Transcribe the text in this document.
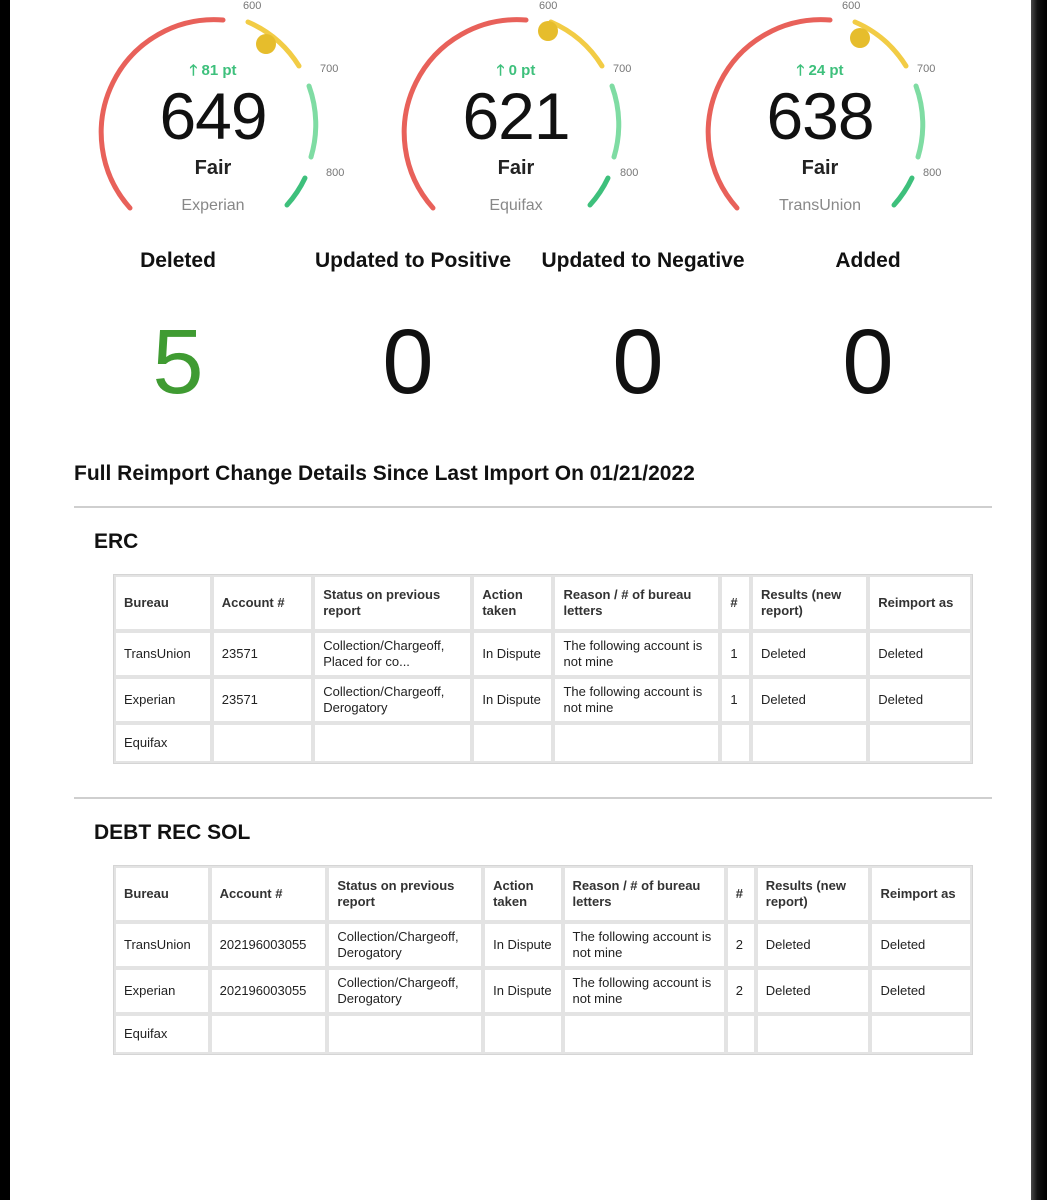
600
700
800
🡑 81 pt
649
Fair
Experian
600
700
800
🡑 0 pt
621
Fair
Equifax
600
700
800
🡑 24 pt
638
Fair
TransUnion
Deleted	Updated to Positive	Updated to Negative	Added
5	0	0	0
Full Reimport Change Details Since Last Import On 01/21/2022
ERC
Bureau	Account #	Status on previous report	Action taken	Reason / # of bureau letters	#	Results (new report)	Reimport as
TransUnion	23571	Collection/Chargeoff, Placed for co...	In Dispute	The following account is not mine	1	Deleted	Deleted
Experian	23571	Collection/Chargeoff, Derogatory	In Dispute	The following account is not mine	1	Deleted	Deleted
Equifax							
DEBT REC SOL
Bureau	Account #	Status on previous report	Action taken	Reason / # of bureau letters	#	Results (new report)	Reimport as
TransUnion	202196003055	Collection/Chargeoff, Derogatory	In Dispute	The following account is not mine	2	Deleted	Deleted
Experian	202196003055	Collection/Chargeoff, Derogatory	In Dispute	The following account is not mine	2	Deleted	Deleted
Equifax							
